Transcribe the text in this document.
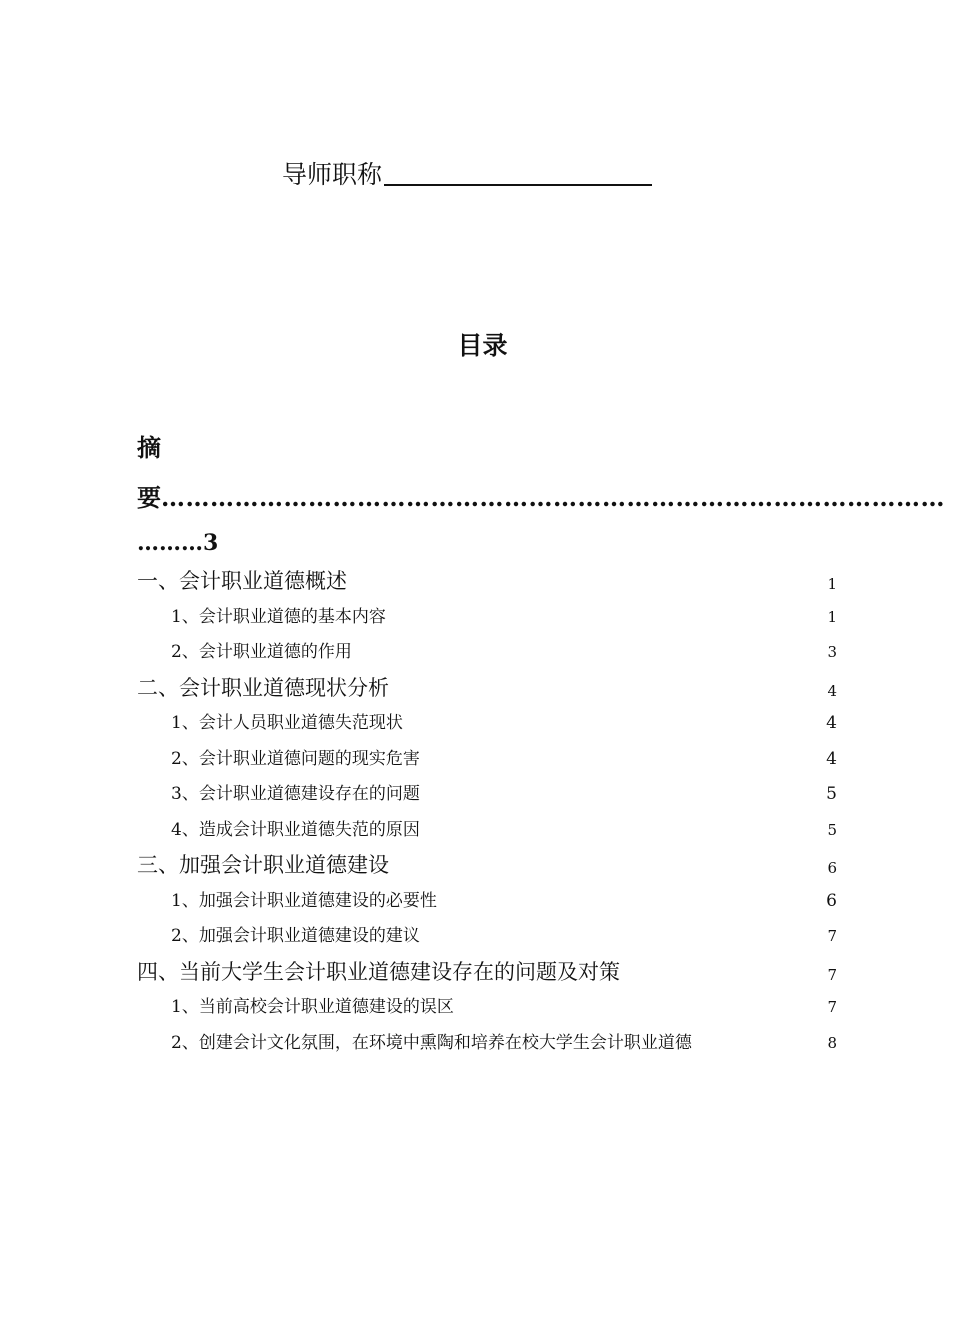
导师职称
目录
摘
要……………………………………………………………………………………
………3
一、会计职业道德概述	1
1、会计职业道德的基本内容	1
2、会计职业道德的作用	3
二、会计职业道德现状分析	4
1、会计人员职业道德失范现状	4
2、会计职业道德问题的现实危害	4
3、会计职业道德建设存在的问题	5
4、造成会计职业道德失范的原因	5
三、加强会计职业道德建设	6
1、加强会计职业道德建设的必要性	6
2、加强会计职业道德建设的建议	7
四、当前大学生会计职业道德建设存在的问题及对策	7
1、当前高校会计职业道德建设的误区	7
2、创建会计文化氛围，在环境中熏陶和培养在校大学生会计职业道德	8
